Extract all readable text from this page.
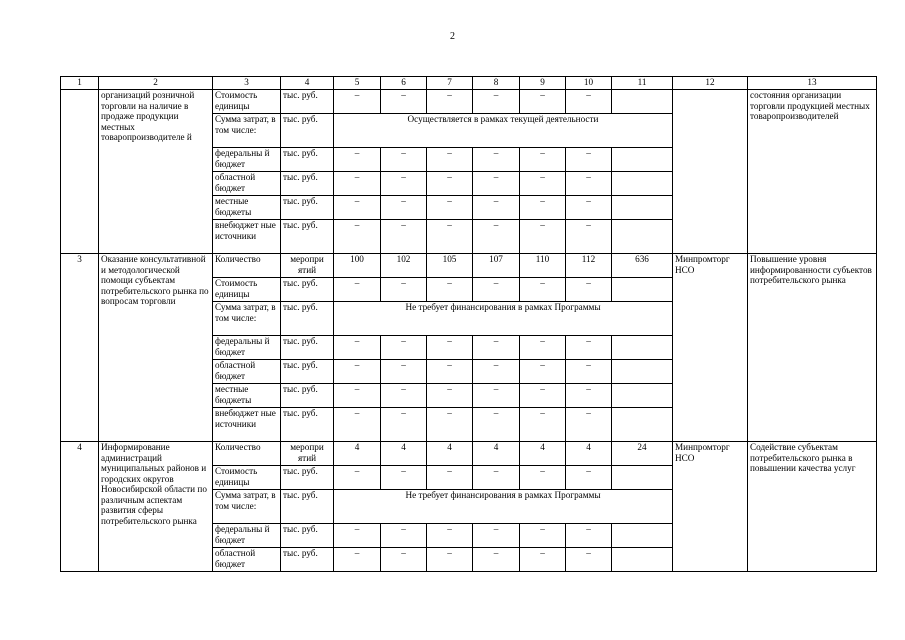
2
1	2	3	4	5	6	7	8	9	10	11	12	13
	организаций розничной торговли на наличие в продаже продукции местных товаропроизводителе й	Стоимость единицы	тыс. руб.	–	–	–	–	–	–			состояния организации торговли продукцией местных товаропроизводителей
		Сумма затрат, в том числе:	тыс. руб.	Осуществляется в рамках текущей деятельности								
		федеральны й бюджет	тыс. руб.	–	–	–	–	–	–			
		областной бюджет	тыс. руб.	–	–	–	–	–	–			
		местные бюджеты	тыс. руб.	–	–	–	–	–	–			
		внебюджет ные источники	тыс. руб.	–	–	–	–	–	–			
3	Оказание консультативной и методологической помощи субъектам потребительского рынка по вопросам торговли	Количество	меропри ятий	100	102	105	107	110	112	636	Минпромторг НСО	Повышение уровня информированности субъектов потребительского рынка
		Стоимость единицы	тыс. руб.	–	–	–	–	–	–			
		Сумма затрат, в том числе:	тыс. руб.	Не требует финансирования в рамках Программы								
		федеральны й бюджет	тыс. руб.	–	–	–	–	–	–			
		областной бюджет	тыс. руб.	–	–	–	–	–	–			
		местные бюджеты	тыс. руб.	–	–	–	–	–	–			
		внебюджет ные источники	тыс. руб.	–	–	–	–	–	–			
4	Информирование администраций муниципальных районов и городских округов Новосибирской области по различным аспектам развития сферы потребительского рынка	Количество	меропри ятий	4	4	4	4	4	4	24	Минпромторг НСО	Содействие субъектам потребительского рынка в повышении качества услуг
		Стоимость единицы	тыс. руб.	–	–	–	–	–	–			
		Сумма затрат, в том числе:	тыс. руб.	Не требует финансирования в рамках Программы								
		федеральны й бюджет	тыс. руб.	–	–	–	–	–	–			
		областной бюджет	тыс. руб.	–	–	–	–	–	–			
